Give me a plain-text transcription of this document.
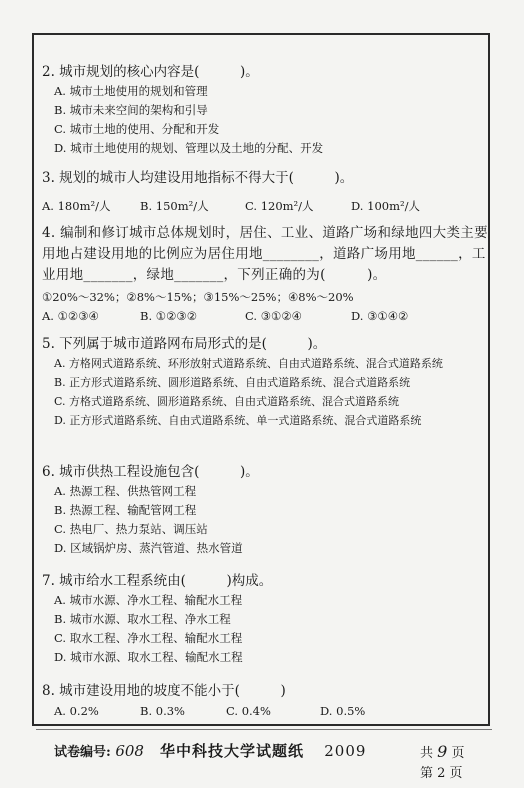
2. 城市规划的核心内容是(　　　)。
A. 城市土地使用的规划和管理
B. 城市未来空间的架构和引导
C. 城市土地的使用、分配和开发
D. 城市土地使用的规划、管理以及土地的分配、开发
3. 规划的城市人均建设用地指标不得大于(　　　)。
A. 180m²/人	B. 150m²/人	C. 120m²/人	D. 100m²/人
4. 编制和修订城市总体规划时，居住、工业、道路广场和绿地四大类主要用地占建设用地的比例应为居住用地________，道路广场用地______，工业用地_______，绿地_______，下列正确的为(　　　)。
①20%～32%；②8%～15%；③15%～25%；④8%～20%
A. ①②③④	B. ①②③②	C. ③①②④	D. ③①④②
5. 下列属于城市道路网布局形式的是(　　　)。
A. 方格网式道路系统、环形放射式道路系统、自由式道路系统、混合式道路系统
B. 正方形式道路系统、圆形道路系统、自由式道路系统、混合式道路系统
C. 方格式道路系统、圆形道路系统、自由式道路系统、混合式道路系统
D. 正方形式道路系统、自由式道路系统、单一式道路系统、混合式道路系统
6. 城市供热工程设施包含(　　　)。
A. 热源工程、供热管网工程
B. 热源工程、输配管网工程
C. 热电厂、热力泵站、调压站
D. 区域锅炉房、蒸汽管道、热水管道
7. 城市给水工程系统由(　　　)构成。
A. 城市水源、净水工程、输配水工程
B. 城市水源、取水工程、净水工程
C. 取水工程、净水工程、输配水工程
D. 城市水源、取水工程、输配水工程
8. 城市建设用地的坡度不能小于(　　　)
A. 0.2%	B. 0.3%	C. 0.4%	D. 0.5%
试卷编号: 608 华中科技大学试题纸 2009	共 9 页
第 2 页
